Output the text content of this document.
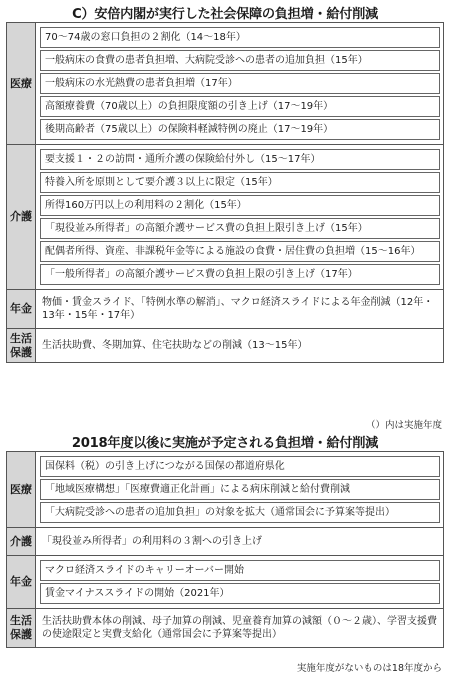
C）安倍内閣が実行した社会保障の負担増・給付削減
医療
70～74歳の窓口負担の２割化（14～18年）
一般病床の食費の患者負担増、大病院受診への患者の追加負担（15年）
一般病床の水光熱費の患者負担増（17年）
高額療養費（70歳以上）の負担限度額の引き上げ（17～19年）
後期高齢者（75歳以上）の保険料軽減特例の廃止（17～19年）
介護
要支援１・２の訪問・通所介護の保険給付外し（15～17年）
特養入所を原則として要介護３以上に限定（15年）
所得160万円以上の利用料の２割化（15年）
「現役並み所得者」の高額介護サービス費の負担上限引き上げ（15年）
配偶者所得、資産、非課税年金等による施設の食費・居住費の負担増（15～16年）
「一般所得者」の高額介護サービス費の負担上限の引き上げ（17年）
年金	物価・賃金スライド、「特例水準の解消」、マクロ経済スライドによる年金削減（12年・13年・15年・17年）
生活保護	生活扶助費、冬期加算、住宅扶助などの削減（13～15年）
（）内は実施年度
2018年度以後に実施が予定される負担増・給付削減
医療
国保料（税）の引き上げにつながる国保の都道府県化
「地域医療構想」「医療費適正化計画」による病床削減と給付費削減
「大病院受診への患者の追加負担」の対象を拡大（通常国会に予算案等提出）
介護	「現役並み所得者」の利用料の３割への引き上げ
年金
マクロ経済スライドのキャリーオーバー開始
賃金マイナススライドの開始（2021年）
生活保護
生活扶助費本体の削減、母子加算の削減、児童養育加算の減額（０～２歳）、学習支援費の使途限定と実費支給化（通常国会に予算案等提出）
実施年度がないものは18年度から
